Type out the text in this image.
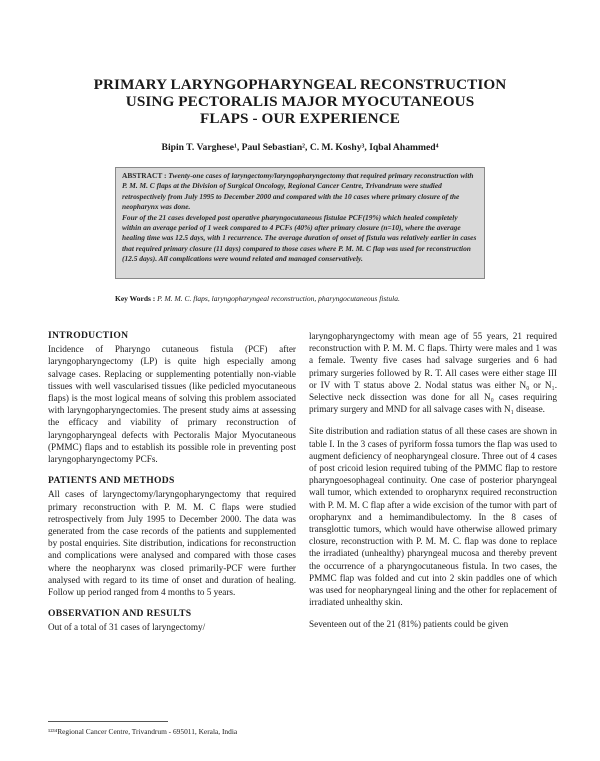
PRIMARY LARYNGOPHARYNGEAL RECONSTRUCTION
USING PECTORALIS MAJOR MYOCUTANEOUS
FLAPS - OUR EXPERIENCE
Bipin T. Varghese¹, Paul Sebastian², C. M. Koshy³, Iqbal Ahammed⁴

ABSTRACT : Twenty-one cases of laryngectomy/laryngopharyngectomy that required primary reconstruction with P. M. M. C flaps at the Division of Surgical Oncology, Regional Cancer Centre, Trivandrum were studied retrospectively from July 1995 to December 2000 and compared with the 10 cases where primary closure of the neopharynx was done.

Four of the 21 cases developed post operative pharyngocutaneous fistulae PCF(19%) which healed completely within an average period of 1 week compared to 4 PCFs (40%) after primary closure (n=10), where the average healing time was 12.5 days, with 1 recurrence. The average duration of onset of fistula was relatively earlier in cases that required primary closure (11 days) compared to those cases where P. M. M. C flap was used for reconstruction (12.5 days). All complications were wound related and managed conservatively.

Key Words : P. M. M. C. flaps, laryngopharyngeal reconstruction, pharyngocutaneous fistula.
INTRODUCTION

Incidence of Pharyngo cutaneous fistula (PCF) after laryngopharyngectomy (LP) is quite high especially among salvage cases. Replacing or supplementing potentially non-viable tissues with well vascularised tissues (like pedicled myocutaneous flaps) is the most logical means of solving this problem associated with laryngopharyngectomies. The present study aims at assessing the efficacy and viability of primary reconstruction of laryngopharyngeal defects with Pectoralis Major Myocutaneous (PMMC) flaps and to establish its possible role in preventing post laryngopharyngectomy PCFs.

PATIENTS AND METHODS

All cases of laryngectomy/laryngopharyngectomy that required primary reconstruction with P. M. M. C flaps were studied retrospectively from July 1995 to December 2000. The data was generated from the case records of the patients and supplemented by postal enquiries. Site distribution, indications for reconstruction and complications were analysed and compared with those cases where the neopharynx was closed primarily-PCF were further analysed with regard to its time of onset and duration of healing. Follow up period ranged from 4 months to 5 years.

OBSERVATION AND RESULTS

Out of a total of 31 cases of laryngectomy/

laryngopharyngectomy with mean age of 55 years, 21 required reconstruction with P. M. M. C flaps. Thirty were males and 1 was a female. Twenty five cases had salvage surgeries and 6 had primary surgeries followed by R. T. All cases were either stage III or IV with T status above 2. Nodal status was either N₀ or N₁. Selective neck dissection was done for all N₀ cases requiring primary surgery and MND for all salvage cases with N₁ disease.

Site distribution and radiation status of all these cases are shown in table I. In the 3 cases of pyriform fossa tumors the flap was used to augment deficiency of neopharyngeal closure. Three out of 4 cases of post cricoid lesion required tubing of the PMMC flap to restore pharyngoesophageal continuity. One case of posterior pharyngeal wall tumor, which extended to oropharynx required reconstruction with P. M. M. C flap after a wide excision of the tumor with part of oropharynx and a hemimandibulectomy. In the 8 cases of transglottic tumors, which would have otherwise allowed primary closure, reconstruction with P. M. M. C. flap was done to replace the irradiated (unhealthy) pharyngeal mucosa and thereby prevent the occurrence of a pharyngocutaneous fistula. In two cases, the PMMC flap was folded and cut into 2 skin paddles one of which was used for neopharyngeal lining and the other for replacement of irradiated unhealthy skin.

Seventeen out of the 21 (81%) patients could be given

¹²³⁴Regional Cancer Centre, Trivandrum - 695011, Kerala, India
